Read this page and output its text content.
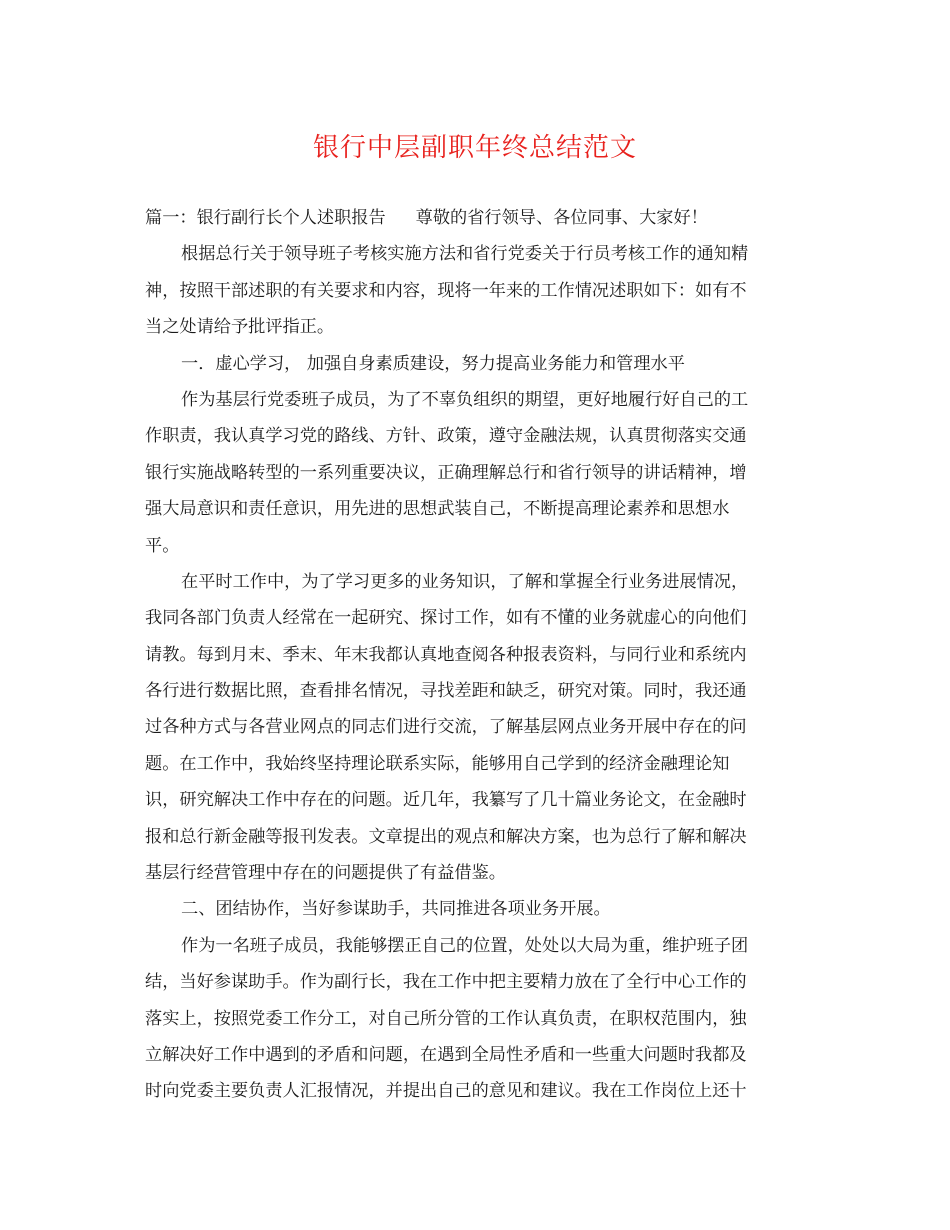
银行中层副职年终总结范文
篇一：银行副行长个人述职报告 尊敬的省行领导、各位同事、大家好！
根据总行关于领导班子考核实施方法和省行党委关于行员考核工作的通知精
神，按照干部述职的有关要求和内容，现将一年来的工作情况述职如下：如有不
当之处请给予批评指正。
一．虚心学习， 加强自身素质建设，努力提高业务能力和管理水平
作为基层行党委班子成员，为了不辜负组织的期望，更好地履行好自己的工
作职责，我认真学习党的路线、方针、政策，遵守金融法规，认真贯彻落实交通
银行实施战略转型的一系列重要决议，正确理解总行和省行领导的讲话精神，增
强大局意识和责任意识，用先进的思想武装自己，不断提高理论素养和思想水
平。
在平时工作中，为了学习更多的业务知识，了解和掌握全行业务进展情况，
我同各部门负责人经常在一起研究、探讨工作，如有不懂的业务就虚心的向他们
请教。每到月末、季末、年末我都认真地查阅各种报表资料，与同行业和系统内
各行进行数据比照，查看排名情况，寻找差距和缺乏，研究对策。同时，我还通
过各种方式与各营业网点的同志们进行交流，了解基层网点业务开展中存在的问
题。在工作中，我始终坚持理论联系实际，能够用自己学到的经济金融理论知
识，研究解决工作中存在的问题。近几年，我纂写了几十篇业务论文，在金融时
报和总行新金融等报刊发表。文章提出的观点和解决方案，也为总行了解和解决
基层行经营管理中存在的问题提供了有益借鉴。
二、团结协作，当好参谋助手，共同推进各项业务开展。
作为一名班子成员，我能够摆正自己的位置，处处以大局为重，维护班子团
结，当好参谋助手。作为副行长，我在工作中把主要精力放在了全行中心工作的
落实上，按照党委工作分工，对自己所分管的工作认真负责，在职权范围内，独
立解决好工作中遇到的矛盾和问题，在遇到全局性矛盾和一些重大问题时我都及
时向党委主要负责人汇报情况，并提出自己的意见和建议。我在工作岗位上还十
